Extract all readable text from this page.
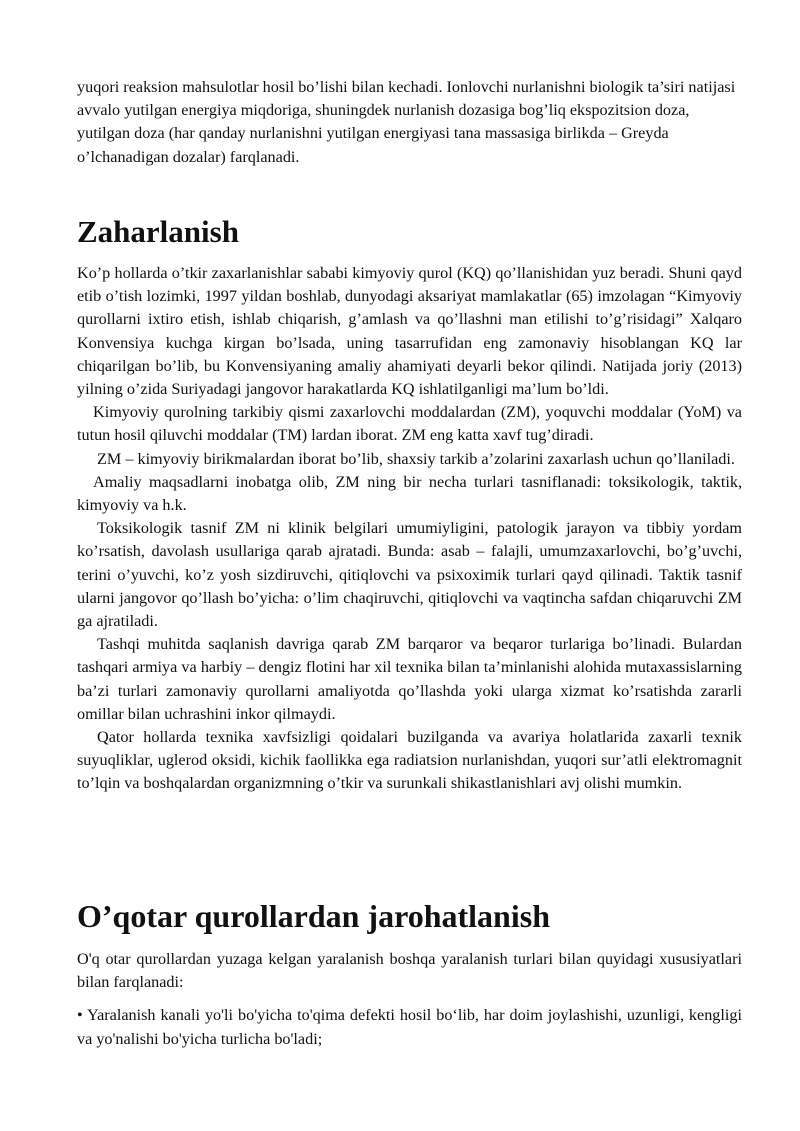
yuqori reaksion mahsulotlar hosil bo’lishi bilan kechadi. Ionlovchi nurlanishni biologik ta’siri natijasi avvalo yutilgan energiya miqdoriga, shuningdek nurlanish dozasiga bog’liq ekspozitsion doza, yutilgan doza (har qanday nurlanishni yutilgan energiyasi tana massasiga birlikda – Greyda o’lchanadigan dozalar) farqlanadi.

Zaharlanish

Ko’p hollarda o’tkir zaxarlanishlar sababi kimyoviy qurol (KQ) qo’llanishidan yuz beradi. Shuni qayd etib o’tish lozimki, 1997 yildan boshlab, dunyodagi aksariyat mamlakatlar (65) imzolagan “Kimyoviy qurollarni ixtiro etish, ishlab chiqarish, g’amlash va qo’llashni man etilishi to’g’risidagi” Xalqaro Konvensiya kuchga kirgan bo’lsada, uning tasarrufidan eng zamonaviy hisoblangan KQ lar chiqarilgan bo’lib, bu Konvensiyaning amaliy ahamiyati deyarli bekor qilindi. Natijada joriy (2013) yilning o’zida Suriyadagi jangovor harakatlarda KQ ishlatilganligi ma’lum bo’ldi.

Kimyoviy qurolning tarkibiy qismi zaxarlovchi moddalardan (ZM), yoquvchi moddalar (YoM) va tutun hosil qiluvchi moddalar (TM) lardan iborat. ZM eng katta xavf tug’diradi.

ZM – kimyoviy birikmalardan iborat bo’lib, shaxsiy tarkib a’zolarini zaxarlash uchun qo’llaniladi.

Amaliy maqsadlarni inobatga olib, ZM ning bir necha turlari tasniflanadi: toksikologik, taktik, kimyoviy va h.k.

Toksikologik tasnif ZM ni klinik belgilari umumiyligini, patologik jarayon va tibbiy yordam ko’rsatish, davolash usullariga qarab ajratadi. Bunda: asab – falajli, umumzaxarlovchi, bo’g’uvchi, terini o’yuvchi, ko’z yosh sizdiruvchi, qitiqlovchi va psixoximik turlari qayd qilinadi. Taktik tasnif ularni jangovor qo’llash bo’yicha: o’lim chaqiruvchi, qitiqlovchi va vaqtincha safdan chiqaruvchi ZM ga ajratiladi.

Tashqi muhitda saqlanish davriga qarab ZM barqaror va beqaror turlariga bo’linadi. Bulardan tashqari armiya va harbiy – dengiz flotini har xil texnika bilan ta’minlanishi alohida mutaxassislarning ba’zi turlari zamonaviy qurollarni amaliyotda qo’llashda yoki ularga xizmat ko’rsatishda zararli omillar bilan uchrashini inkor qilmaydi.

Qator hollarda texnika xavfsizligi qoidalari buzilganda va avariya holatlarida zaxarli texnik suyuqliklar, uglerod oksidi, kichik faollikka ega radiatsion nurlanishdan, yuqori sur’atli elektromagnit to’lqin va boshqalardan organizmning o’tkir va surunkali shikastlanishlari avj olishi mumkin.

O’qotar qurollardan jarohatlanish

O'q otar qurollardan yuzaga kelgan yaralanish boshqa yaralanish turlari bilan quyidagi xususiyatlari bilan farqlanadi:

• Yaralanish kanali yo'li bo'yicha to'qima defekti hosil bo‘lib, har doim joylashishi, uzunligi, kengligi va yo'nalishi bo'yicha turlicha bo'ladi;
